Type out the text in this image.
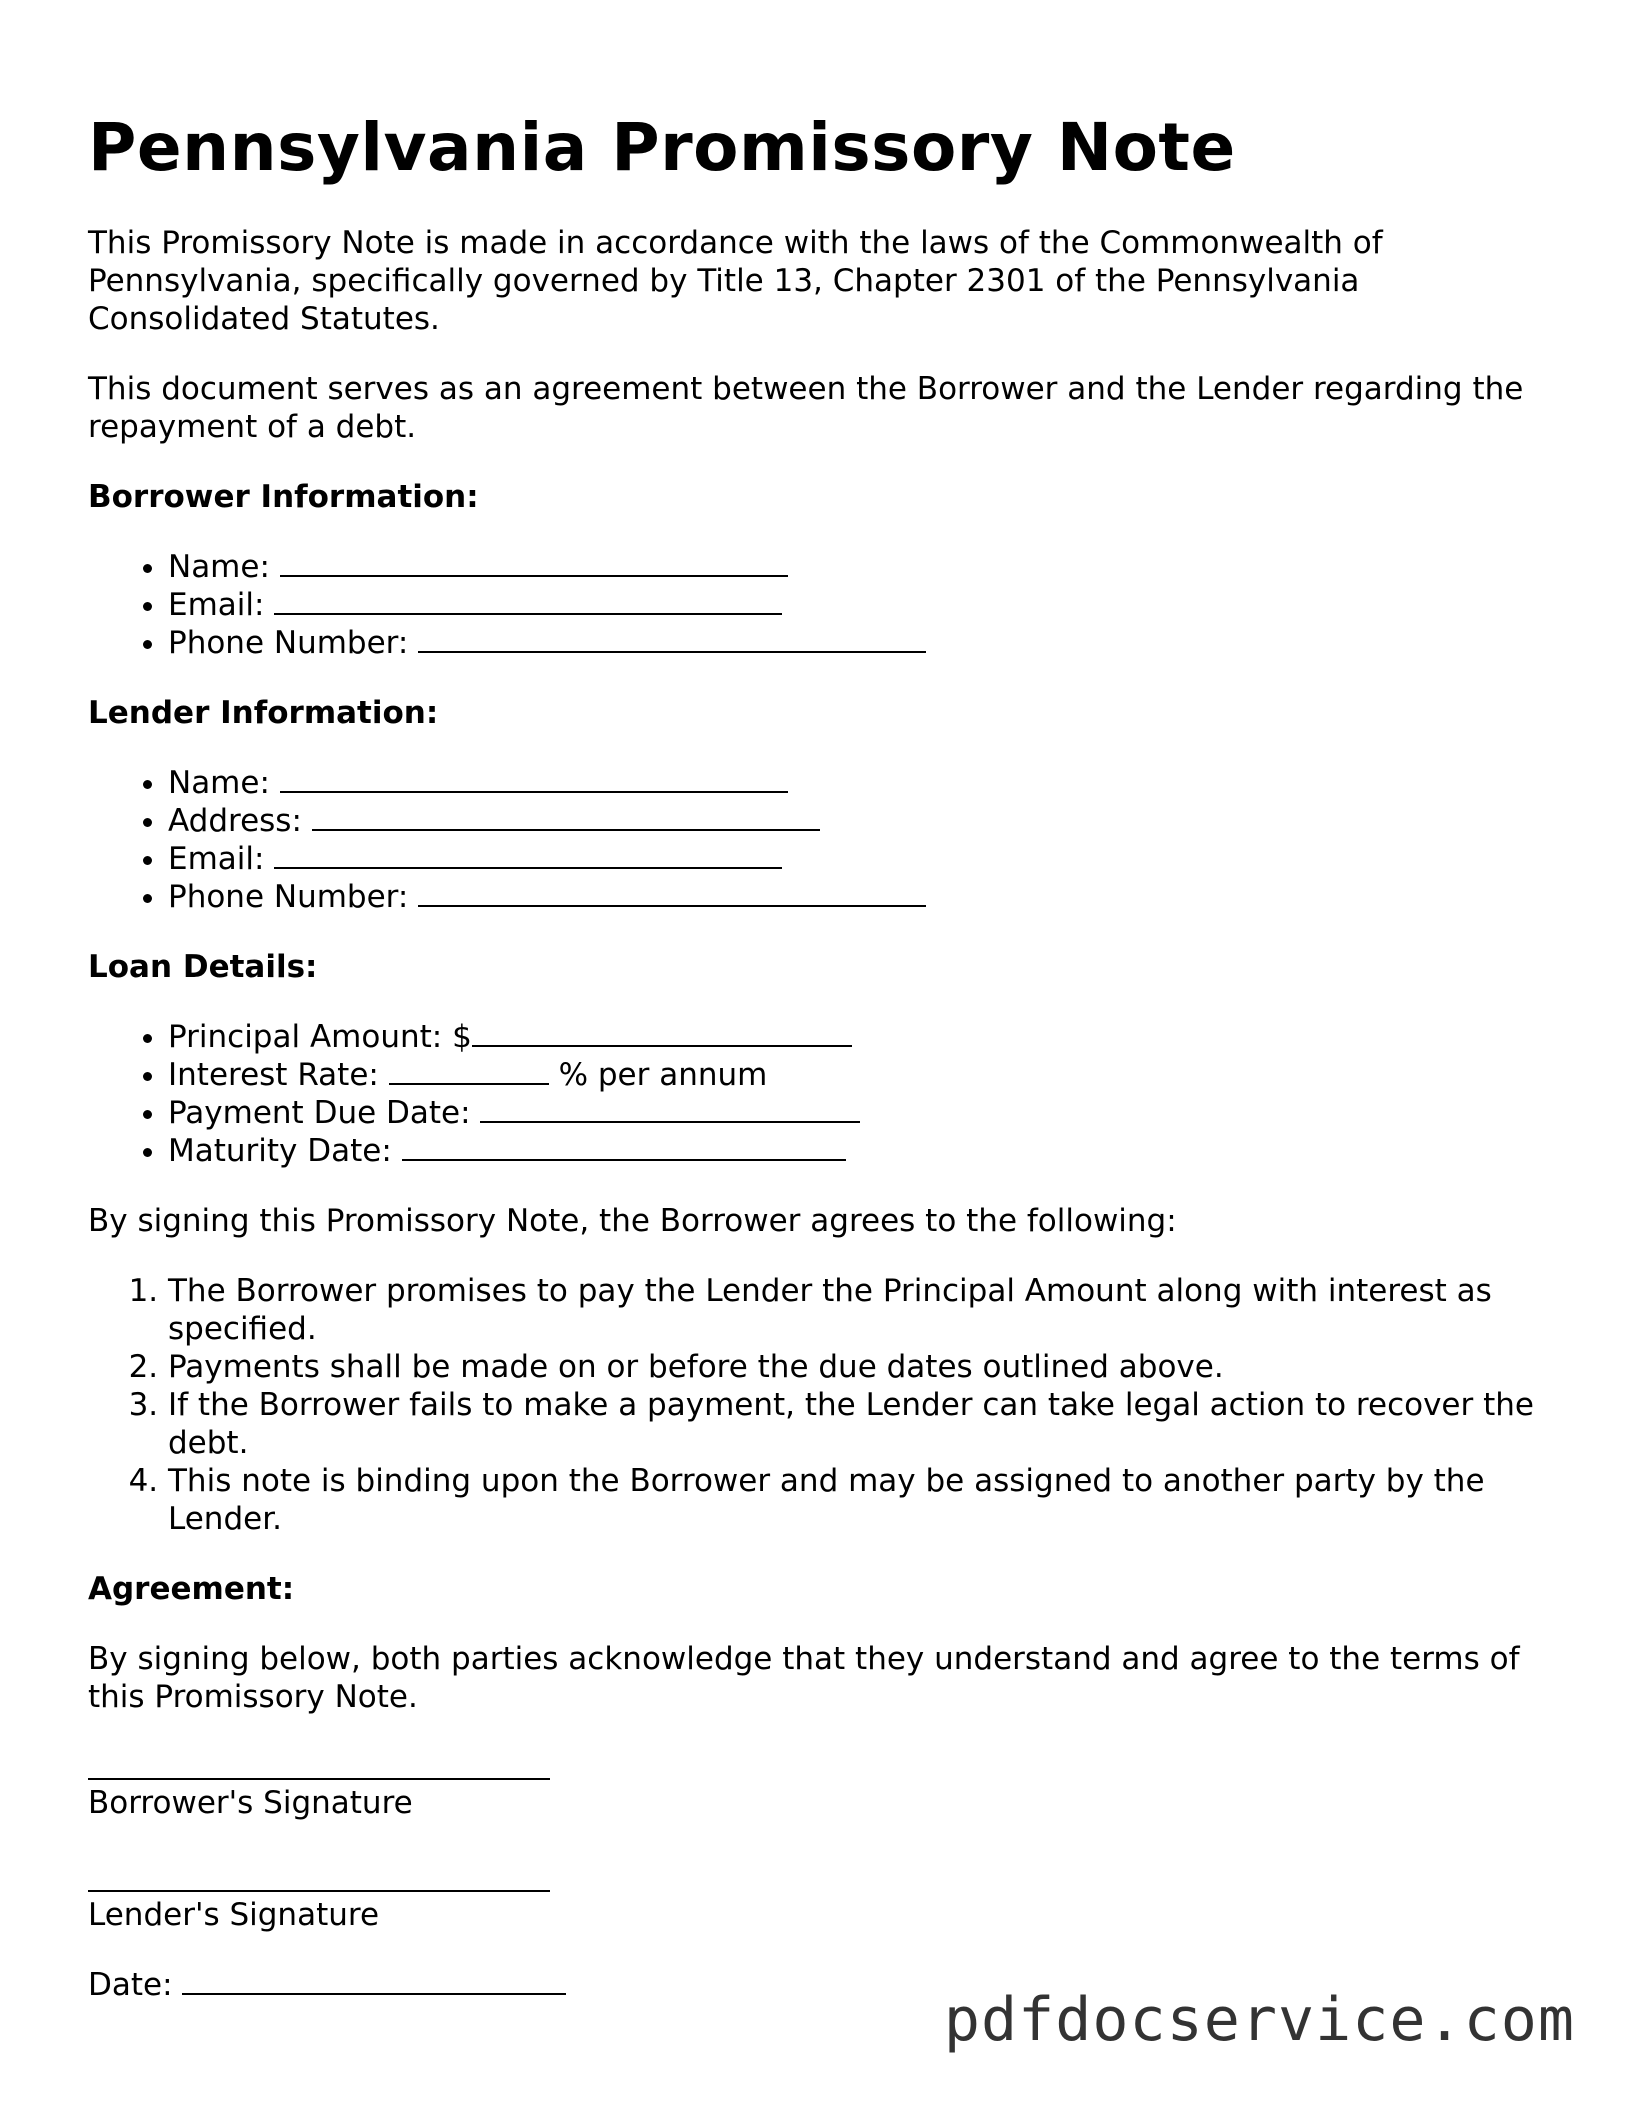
Pennsylvania Promissory Note

This Promissory Note is made in accordance with the laws of the Commonwealth of Pennsylvania, specifically governed by Title 13, Chapter 2301 of the Pennsylvania Consolidated Statutes.

This document serves as an agreement between the Borrower and the Lender regarding the repayment of a debt.

Borrower Information:
• Name:
• Email:
• Phone Number:
Lender Information:
• Name:
• Address:
• Email:
• Phone Number:
Loan Details:
• Principal Amount: $
• Interest Rate:	% per annum
• Payment Due Date:
• Maturity Date:

By signing this Promissory Note, the Borrower agrees to the following:

1. The Borrower promises to pay the Lender the Principal Amount along with interest as specified.
2. Payments shall be made on or before the due dates outlined above.
3. If the Borrower fails to make a payment, the Lender can take legal action to recover the debt.
4. This note is binding upon the Borrower and may be assigned to another party by the Lender.
Agreement:

By signing below, both parties acknowledge that they understand and agree to the terms of this Promissory Note.

Borrower's Signature
Lender's Signature

Date:	pdfdocservice.com
